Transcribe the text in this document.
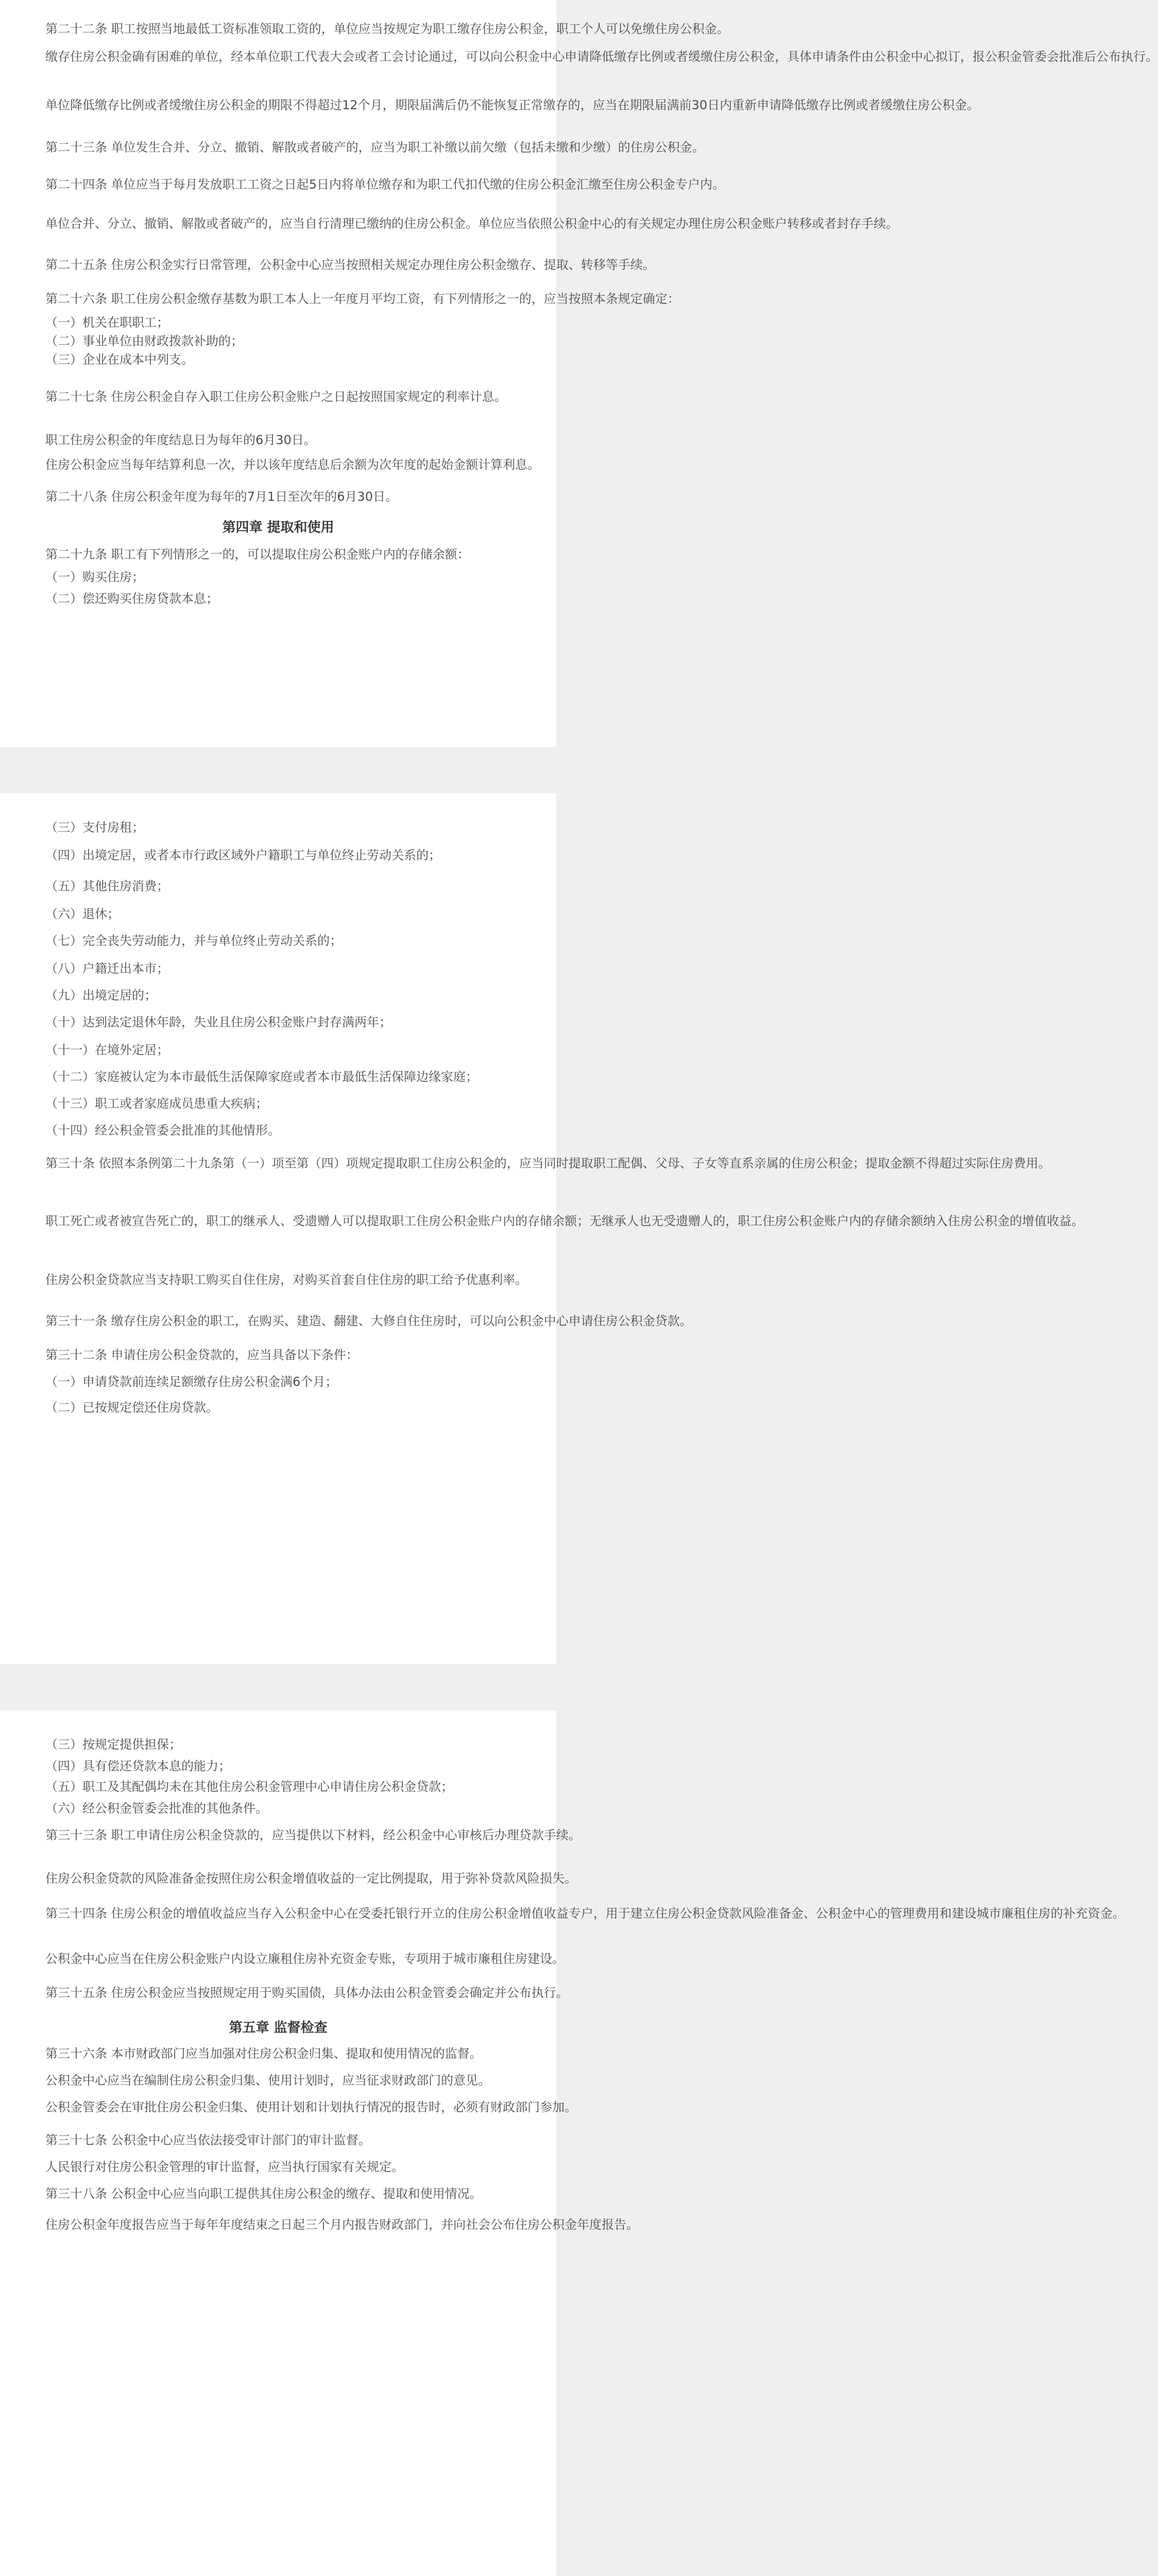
第二十二条 职工按照当地最低工资标准领取工资的，单位应当按规定为职工缴存住房公积金，职工个人可以免缴住房公积金。
缴存住房公积金确有困难的单位，经本单位职工代表大会或者工会讨论通过，可以向公积金中心申请降低缴存比例或者缓缴住房公积金，具体申请条件由公积金中心拟订，报公积金管委会批准后公布执行。
单位降低缴存比例或者缓缴住房公积金的期限不得超过12个月，期限届满后仍不能恢复正常缴存的，应当在期限届满前30日内重新申请降低缴存比例或者缓缴住房公积金。
第二十三条 单位发生合并、分立、撤销、解散或者破产的，应当为职工补缴以前欠缴（包括未缴和少缴）的住房公积金。
第二十四条 单位应当于每月发放职工工资之日起5日内将单位缴存和为职工代扣代缴的住房公积金汇缴至住房公积金专户内。
单位合并、分立、撤销、解散或者破产的，应当自行清理已缴纳的住房公积金。单位应当依照公积金中心的有关规定办理住房公积金账户转移或者封存手续。
第二十五条 住房公积金实行日常管理，公积金中心应当按照相关规定办理住房公积金缴存、提取、转移等手续。
第二十六条 职工住房公积金缴存基数为职工本人上一年度月平均工资，有下列情形之一的，应当按照本条规定确定：
（一）机关在职职工；
（二）事业单位由财政拨款补助的；
（三）企业在成本中列支。
第二十七条 住房公积金自存入职工住房公积金账户之日起按照国家规定的利率计息。
职工住房公积金的年度结息日为每年的6月30日。
住房公积金应当每年结算利息一次，并以该年度结息后余额为次年度的起始金额计算利息。
第二十八条 住房公积金年度为每年的7月1日至次年的6月30日。
第四章 提取和使用
第二十九条 职工有下列情形之一的，可以提取住房公积金账户内的存储余额：
（一）购买住房；
（二）偿还购买住房贷款本息；
（三）支付房租；
（四）出境定居，或者本市行政区域外户籍职工与单位终止劳动关系的；
（五）其他住房消费；
（六）退休；
（七）完全丧失劳动能力，并与单位终止劳动关系的；
（八）户籍迁出本市；
（九）出境定居的；
（十）达到法定退休年龄，失业且住房公积金账户封存满两年；
（十一）在境外定居；
（十二）家庭被认定为本市最低生活保障家庭或者本市最低生活保障边缘家庭；
（十三）职工或者家庭成员患重大疾病；
（十四）经公积金管委会批准的其他情形。
第三十条 依照本条例第二十九条第（一）项至第（四）项规定提取职工住房公积金的，应当同时提取职工配偶、父母、子女等直系亲属的住房公积金；提取金额不得超过实际住房费用。
职工死亡或者被宣告死亡的，职工的继承人、受遗赠人可以提取职工住房公积金账户内的存储余额；无继承人也无受遗赠人的，职工住房公积金账户内的存储余额纳入住房公积金的增值收益。
住房公积金贷款应当支持职工购买自住住房，对购买首套自住住房的职工给予优惠利率。
第三十一条 缴存住房公积金的职工，在购买、建造、翻建、大修自住住房时，可以向公积金中心申请住房公积金贷款。
第三十二条 申请住房公积金贷款的，应当具备以下条件：
（一）申请贷款前连续足额缴存住房公积金满6个月；
（二）已按规定偿还住房贷款。
（三）按规定提供担保；
（四）具有偿还贷款本息的能力；
（五）职工及其配偶均未在其他住房公积金管理中心申请住房公积金贷款；
（六）经公积金管委会批准的其他条件。
第三十三条 职工申请住房公积金贷款的，应当提供以下材料，经公积金中心审核后办理贷款手续。
住房公积金贷款的风险准备金按照住房公积金增值收益的一定比例提取，用于弥补贷款风险损失。
第三十四条 住房公积金的增值收益应当存入公积金中心在受委托银行开立的住房公积金增值收益专户，用于建立住房公积金贷款风险准备金、公积金中心的管理费用和建设城市廉租住房的补充资金。
公积金中心应当在住房公积金账户内设立廉租住房补充资金专账，专项用于城市廉租住房建设。
第三十五条 住房公积金应当按照规定用于购买国债，具体办法由公积金管委会确定并公布执行。
第五章 监督检查
第三十六条 本市财政部门应当加强对住房公积金归集、提取和使用情况的监督。
公积金中心应当在编制住房公积金归集、使用计划时，应当征求财政部门的意见。
公积金管委会在审批住房公积金归集、使用计划和计划执行情况的报告时，必须有财政部门参加。
第三十七条 公积金中心应当依法接受审计部门的审计监督。
人民银行对住房公积金管理的审计监督，应当执行国家有关规定。
第三十八条 公积金中心应当向职工提供其住房公积金的缴存、提取和使用情况。
住房公积金年度报告应当于每年年度结束之日起三个月内报告财政部门，并向社会公布住房公积金年度报告。
